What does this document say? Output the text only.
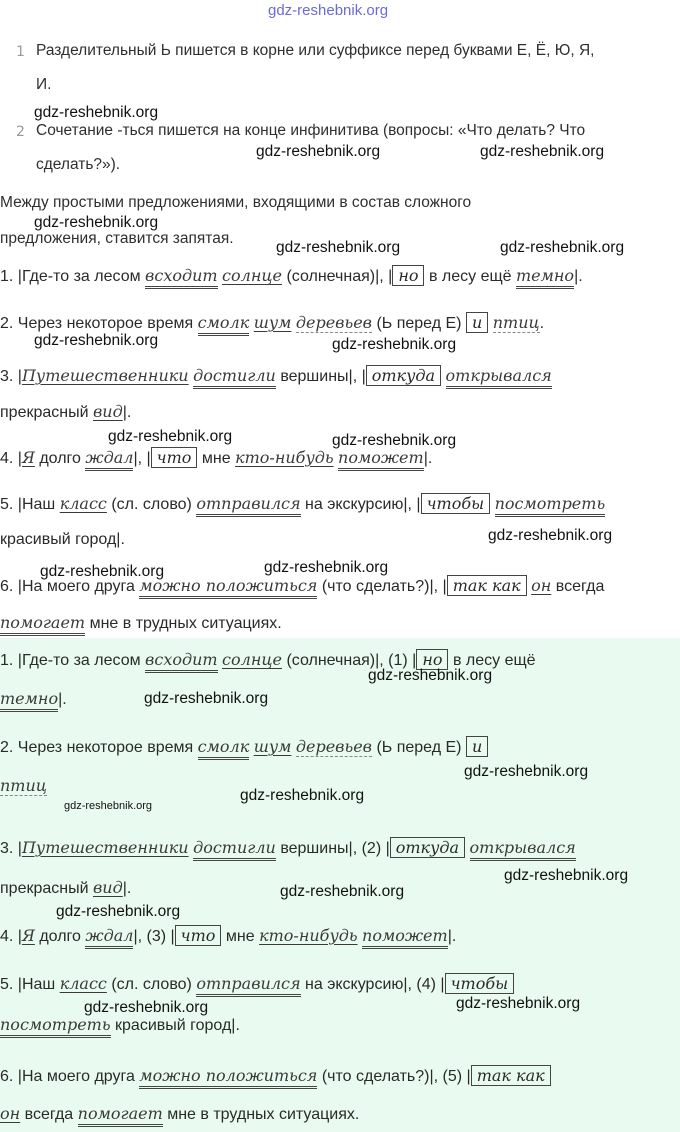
gdz-reshebnik.org
1 Разделительный Ь пишется в корне или суффиксе перед буквами Е, Ё, Ю, Я,
И.
gdz-reshebnik.org
2 Сочетание -ться пишется на конце инфинитива (вопросы: «Что делать? Что
сделать?»).
gdz-reshebnik.org	gdz-reshebnik.org
Между простыми предложениями, входящими в состав сложного
gdz-reshebnik.org
предложения, ставится запятая.
gdz-reshebnik.org	gdz-reshebnik.org
1. |Где-то за лесом всходит солнце (солнечная)|, | но в лесу ещё темно|.
2. Через некоторое время смолк шум деревьев (Ь перед Е) и птиц.
gdz-reshebnik.org	gdz-reshebnik.org
3. |Путешественники достигли вершины|, | откуда открывался
прекрасный вид|.
gdz-reshebnik.org	gdz-reshebnik.org
4. |Я долго ждал|, | что мне кто-нибудь поможет|.
5. |Наш класс (сл. слово) отправился на экскурсию|, | чтобы посмотреть
красивый город|.	gdz-reshebnik.org
gdz-reshebnik.org	gdz-reshebnik.org
6. |На моего друга можно положиться (что сделать?)|, | так как он всегда
помогает мне в трудных ситуациях.
1. |Где-то за лесом всходит солнце (солнечная)|, (1) | но в лесу ещё
gdz-reshebnik.org
темно|.	gdz-reshebnik.org
2. Через некоторое время смолк шум деревьев (Ь перед Е) и
gdz-reshebnik.org
птиц
gdz-reshebnik.org
gdz-reshebnik.org
3. |Путешественники достигли вершины|, (2) | откуда открывался
gdz-reshebnik.org
прекрасный вид|.	gdz-reshebnik.org
gdz-reshebnik.org
4. |Я долго ждал|, (3) | что мне кто-нибудь поможет|.
5. |Наш класс (сл. слово) отправился на экскурсию|, (4) | чтобы
gdz-reshebnik.org	gdz-reshebnik.org
посмотреть красивый город|.
6. |На моего друга можно положиться (что сделать?)|, (5) | так как
он всегда помогает мне в трудных ситуациях.
